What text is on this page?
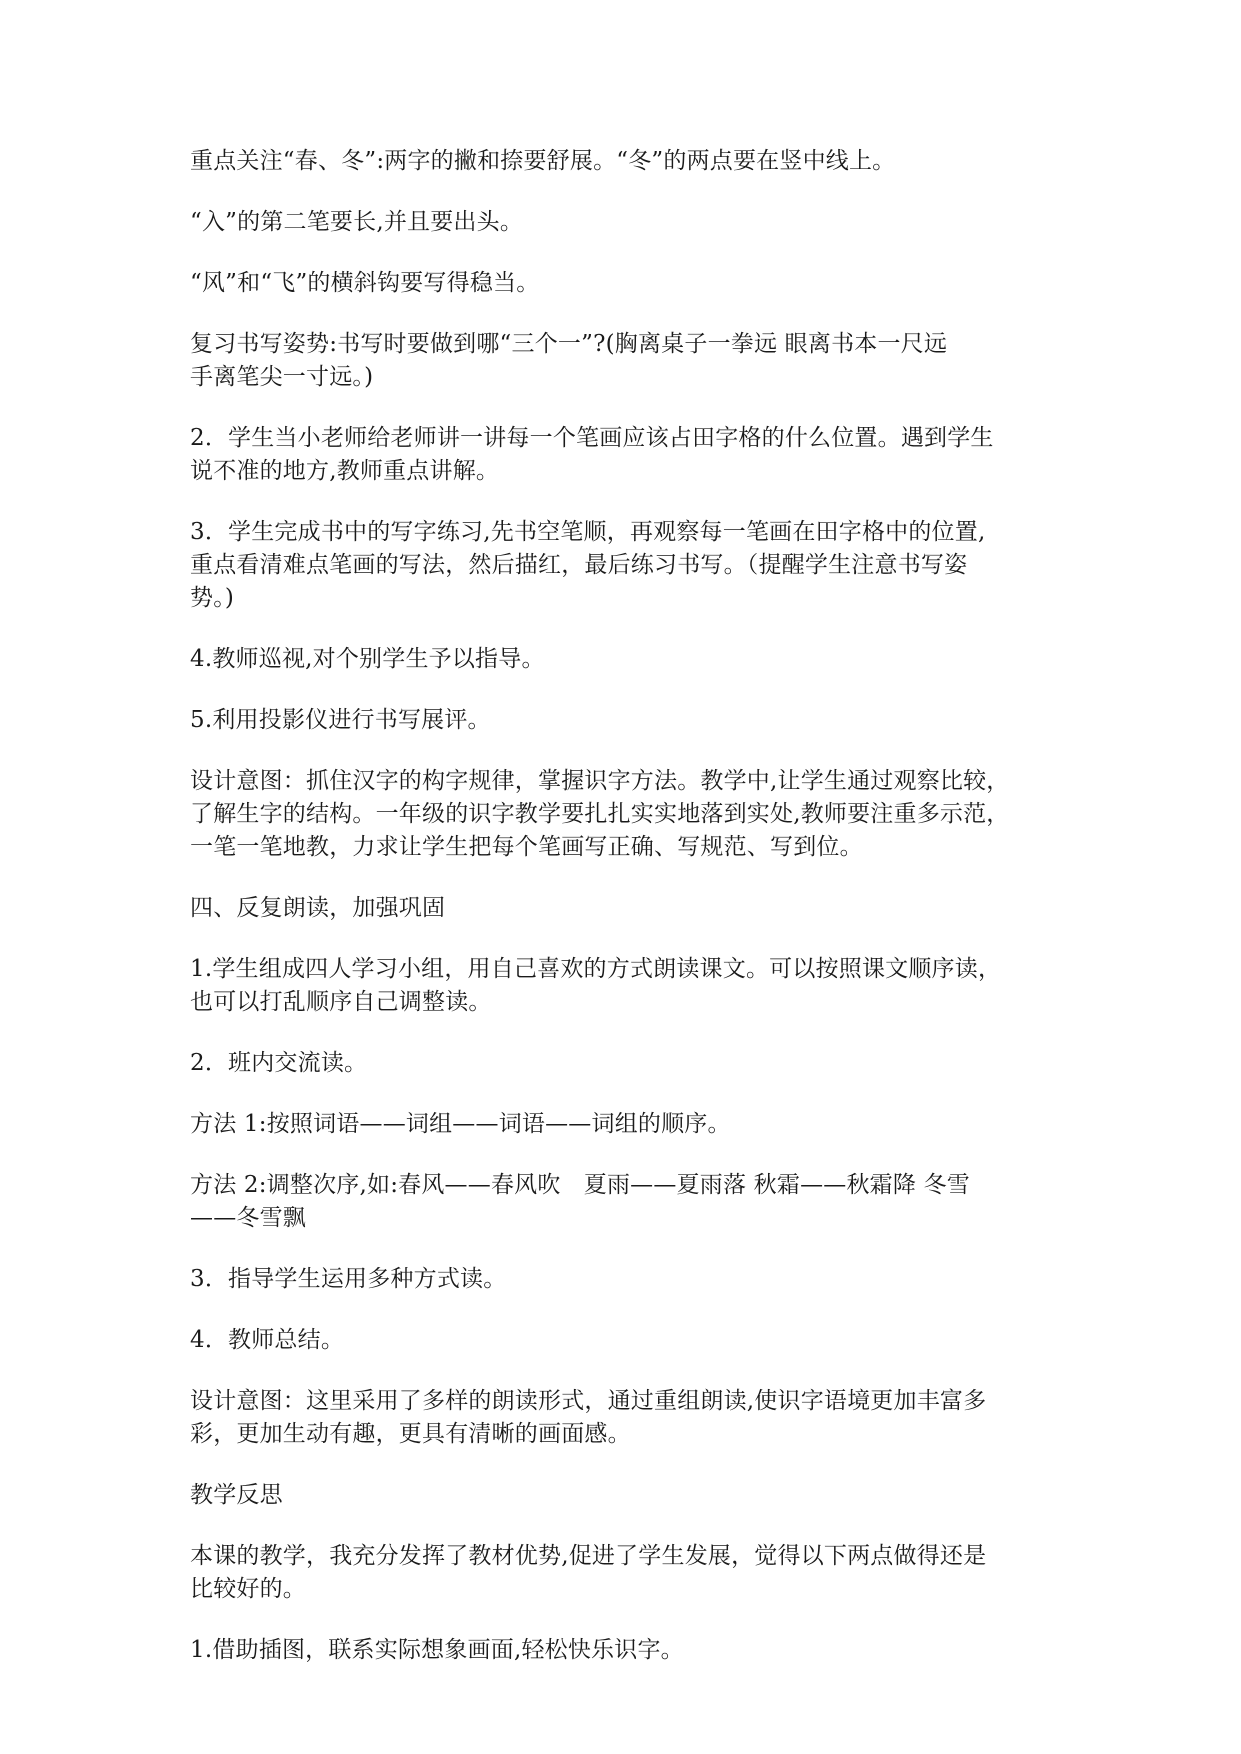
重点关注“春、冬”:两字的撇和捺要舒展。“冬”的两点要在竖中线上。
“入”的第二笔要长,并且要出头。
“风”和“飞”的横斜钩要写得稳当。
复习书写姿势:书写时要做到哪“三个一”?(胸离桌子一拳远 眼离书本一尺远
手离笔尖一寸远。)
2．学生当小老师给老师讲一讲每一个笔画应该占田字格的什么位置。遇到学生
说不准的地方,教师重点讲解。
3．学生完成书中的写字练习,先书空笔顺，再观察每一笔画在田字格中的位置,
重点看清难点笔画的写法，然后描红，最后练习书写。（提醒学生注意书写姿
势。)
4.教师巡视,对个别学生予以指导。
5.利用投影仪进行书写展评。
设计意图：抓住汉字的构字规律，掌握识字方法。教学中,让学生通过观察比较，
了解生字的结构。一年级的识字教学要扎扎实实地落到实处,教师要注重多示范，
一笔一笔地教，力求让学生把每个笔画写正确、写规范、写到位。
四、反复朗读，加强巩固
1.学生组成四人学习小组，用自己喜欢的方式朗读课文。可以按照课文顺序读，
也可以打乱顺序自己调整读。
2．班内交流读。
方法 1:按照词语——词组——词语——词组的顺序。
方法 2:调整次序,如:春风——春风吹　夏雨——夏雨落 秋霜——秋霜降 冬雪
——冬雪飘
3．指导学生运用多种方式读。
4．教师总结。
设计意图：这里采用了多样的朗读形式，通过重组朗读,使识字语境更加丰富多
彩，更加生动有趣，更具有清晰的画面感。
教学反思
本课的教学，我充分发挥了教材优势,促进了学生发展，觉得以下两点做得还是
比较好的。
1.借助插图，联系实际想象画面,轻松快乐识字。
